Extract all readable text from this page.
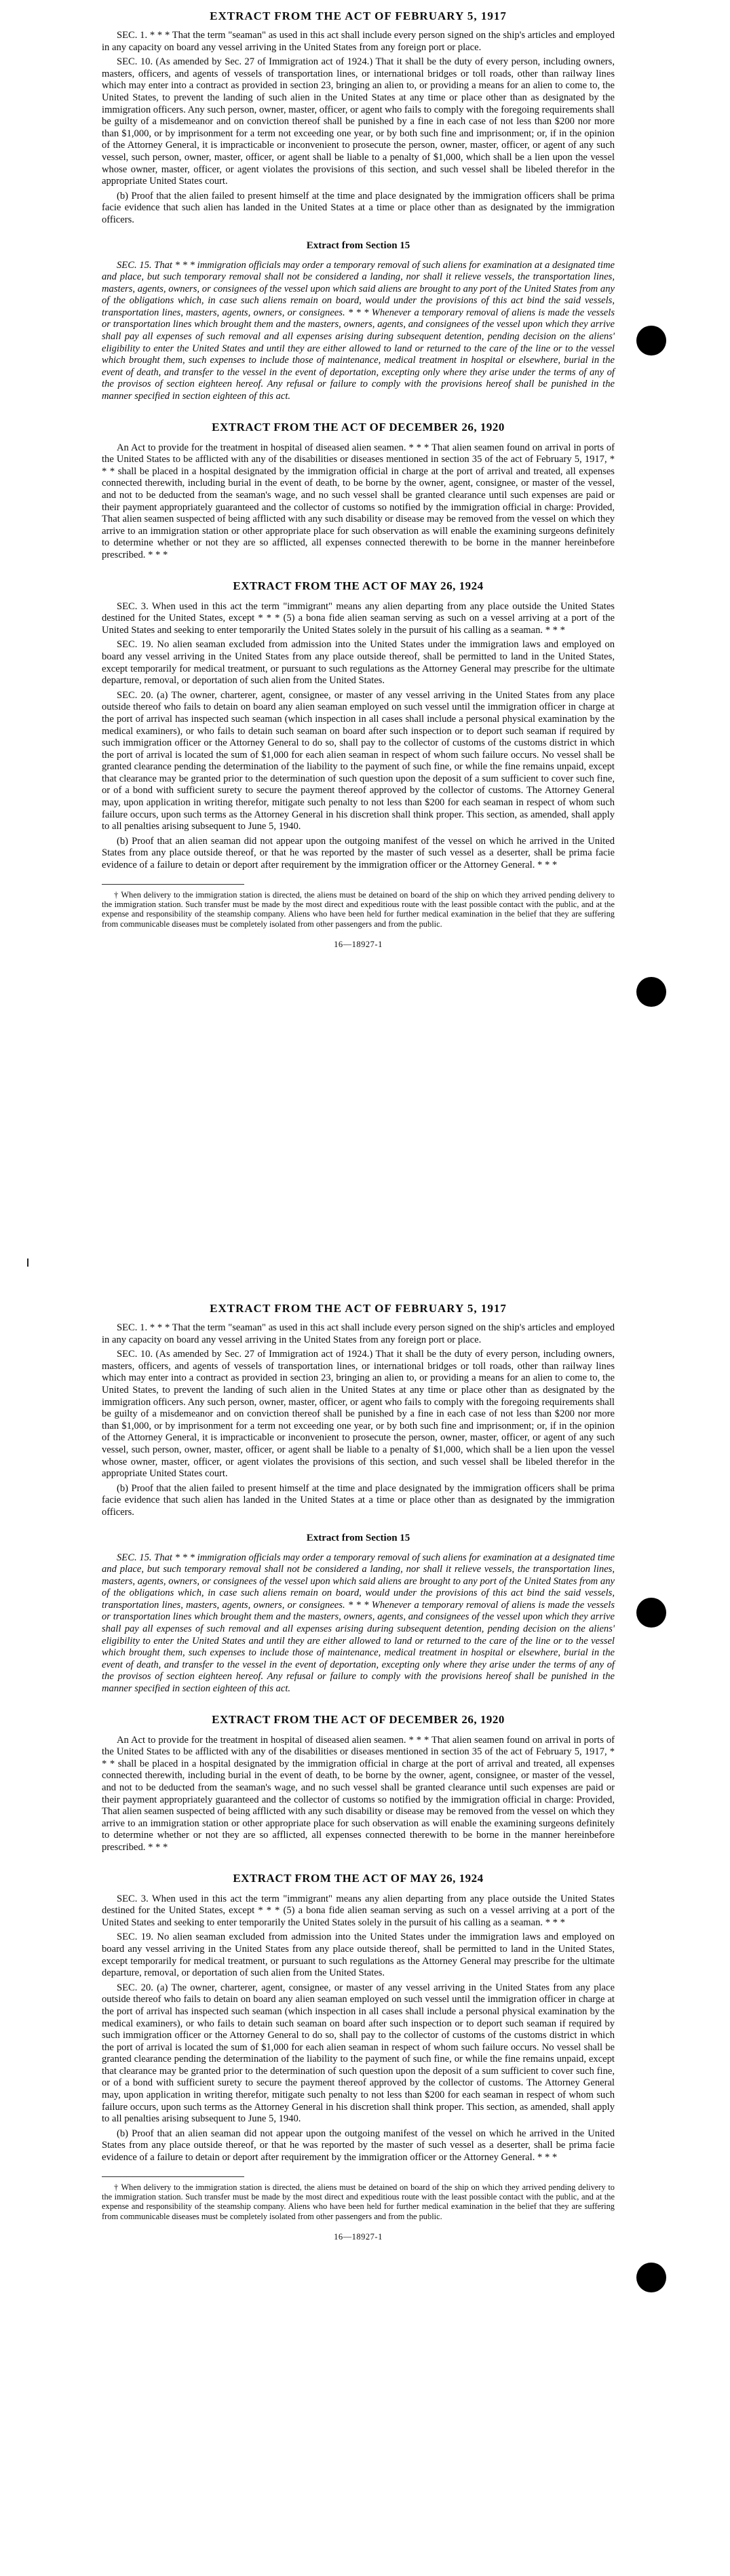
EXTRACT FROM THE ACT OF FEBRUARY 5, 1917

SEC. 1. * * * That the term "seaman" as used in this act shall include every person signed on the ship's articles and employed in any capacity on board any vessel arriving in the United States from any foreign port or place.

SEC. 10. (As amended by Sec. 27 of Immigration act of 1924.) That it shall be the duty of every person, including owners, masters, officers, and agents of vessels of transportation lines, or international bridges or toll roads, other than railway lines which may enter into a contract as provided in section 23, bringing an alien to, or providing a means for an alien to come to, the United States, to prevent the landing of such alien in the United States at any time or place other than as designated by the immigration officers. Any such person, owner, master, officer, or agent who fails to comply with the foregoing requirements shall be guilty of a misdemeanor and on conviction thereof shall be punished by a fine in each case of not less than $200 nor more than $1,000, or by imprisonment for a term not exceeding one year, or by both such fine and imprisonment; or, if in the opinion of the Attorney General, it is impracticable or inconvenient to prosecute the person, owner, master, officer, or agent of any such vessel, such person, owner, master, officer, or agent shall be liable to a penalty of $1,000, which shall be a lien upon the vessel whose owner, master, officer, or agent violates the provisions of this section, and such vessel shall be libeled therefor in the appropriate United States court.

(b) Proof that the alien failed to present himself at the time and place designated by the immigration officers shall be prima facie evidence that such alien has landed in the United States at a time or place other than as designated by the immigration officers.

Extract from Section 15

SEC. 15. That * * * immigration officials may order a temporary removal of such aliens for examination at a designated time and place, but such temporary removal shall not be considered a landing, nor shall it relieve vessels, the transportation lines, masters, agents, owners, or consignees of the vessel upon which said aliens are brought to any port of the United States from any of the obligations which, in case such aliens remain on board, would under the provisions of this act bind the said vessels, transportation lines, masters, agents, owners, or consignees. * * * Whenever a temporary removal of aliens is made the vessels or transportation lines which brought them and the masters, owners, agents, and consignees of the vessel upon which they arrive shall pay all expenses of such removal and all expenses arising during subsequent detention, pending decision on the aliens' eligibility to enter the United States and until they are either allowed to land or returned to the care of the line or to the vessel which brought them, such expenses to include those of maintenance, medical treatment in hospital or elsewhere, burial in the event of death, and transfer to the vessel in the event of deportation, excepting only where they arise under the terms of any of the provisos of section eighteen hereof. Any refusal or failure to comply with the provisions hereof shall be punished in the manner specified in section eighteen of this act.

EXTRACT FROM THE ACT OF DECEMBER 26, 1920

An Act to provide for the treatment in hospital of diseased alien seamen. * * * That alien seamen found on arrival in ports of the United States to be afflicted with any of the disabilities or diseases mentioned in section 35 of the act of February 5, 1917, * * * shall be placed in a hospital designated by the immigration official in charge at the port of arrival and treated, all expenses connected therewith, including burial in the event of death, to be borne by the owner, agent, consignee, or master of the vessel, and not to be deducted from the seaman's wage, and no such vessel shall be granted clearance until such expenses are paid or their payment appropriately guaranteed and the collector of customs so notified by the immigration official in charge: Provided, That alien seamen suspected of being afflicted with any such disability or disease may be removed from the vessel on which they arrive to an immigration station or other appropriate place for such observation as will enable the examining surgeons definitely to determine whether or not they are so afflicted, all expenses connected therewith to be borne in the manner hereinbefore prescribed. * * *

EXTRACT FROM THE ACT OF MAY 26, 1924

SEC. 3. When used in this act the term "immigrant" means any alien departing from any place outside the United States destined for the United States, except * * * (5) a bona fide alien seaman serving as such on a vessel arriving at a port of the United States and seeking to enter temporarily the United States solely in the pursuit of his calling as a seaman. * * *

SEC. 19. No alien seaman excluded from admission into the United States under the immigration laws and employed on board any vessel arriving in the United States from any place outside thereof, shall be permitted to land in the United States, except temporarily for medical treatment, or pursuant to such regulations as the Attorney General may prescribe for the ultimate departure, removal, or deportation of such alien from the United States.

SEC. 20. (a) The owner, charterer, agent, consignee, or master of any vessel arriving in the United States from any place outside thereof who fails to detain on board any alien seaman employed on such vessel until the immigration officer in charge at the port of arrival has inspected such seaman (which inspection in all cases shall include a personal physical examination by the medical examiners), or who fails to detain such seaman on board after such inspection or to deport such seaman if required by such immigration officer or the Attorney General to do so, shall pay to the collector of customs of the customs district in which the port of arrival is located the sum of $1,000 for each alien seaman in respect of whom such failure occurs. No vessel shall be granted clearance pending the determination of the liability to the payment of such fine, or while the fine remains unpaid, except that clearance may be granted prior to the determination of such question upon the deposit of a sum sufficient to cover such fine, or of a bond with sufficient surety to secure the payment thereof approved by the collector of customs. The Attorney General may, upon application in writing therefor, mitigate such penalty to not less than $200 for each seaman in respect of whom such failure occurs, upon such terms as the Attorney General in his discretion shall think proper. This section, as amended, shall apply to all penalties arising subsequent to June 5, 1940.

(b) Proof that an alien seaman did not appear upon the outgoing manifest of the vessel on which he arrived in the United States from any place outside thereof, or that he was reported by the master of such vessel as a deserter, shall be prima facie evidence of a failure to detain or deport after requirement by the immigration officer or the Attorney General. * * *

† When delivery to the immigration station is directed, the aliens must be detained on board of the ship on which they arrived pending delivery to the immigration station. Such transfer must be made by the most direct and expeditious route with the least possible contact with the public, and at the expense and responsibility of the steamship company. Aliens who have been held for further medical examination in the belief that they are suffering from communicable diseases must be completely isolated from other passengers and from the public.

16—18927-1
EXTRACT FROM THE ACT OF FEBRUARY 5, 1917

SEC. 1. * * * That the term "seaman" as used in this act shall include every person signed on the ship's articles and employed in any capacity on board any vessel arriving in the United States from any foreign port or place.

SEC. 10. (As amended by Sec. 27 of Immigration act of 1924.) That it shall be the duty of every person, including owners, masters, officers, and agents of vessels of transportation lines, or international bridges or toll roads, other than railway lines which may enter into a contract as provided in section 23, bringing an alien to, or providing a means for an alien to come to, the United States, to prevent the landing of such alien in the United States at any time or place other than as designated by the immigration officers. Any such person, owner, master, officer, or agent who fails to comply with the foregoing requirements shall be guilty of a misdemeanor and on conviction thereof shall be punished by a fine in each case of not less than $200 nor more than $1,000, or by imprisonment for a term not exceeding one year, or by both such fine and imprisonment; or, if in the opinion of the Attorney General, it is impracticable or inconvenient to prosecute the person, owner, master, officer, or agent of any such vessel, such person, owner, master, officer, or agent shall be liable to a penalty of $1,000, which shall be a lien upon the vessel whose owner, master, officer, or agent violates the provisions of this section, and such vessel shall be libeled therefor in the appropriate United States court.

(b) Proof that the alien failed to present himself at the time and place designated by the immigration officers shall be prima facie evidence that such alien has landed in the United States at a time or place other than as designated by the immigration officers.

Extract from Section 15

SEC. 15. That * * * immigration officials may order a temporary removal of such aliens for examination at a designated time and place, but such temporary removal shall not be considered a landing, nor shall it relieve vessels, the transportation lines, masters, agents, owners, or consignees of the vessel upon which said aliens are brought to any port of the United States from any of the obligations which, in case such aliens remain on board, would under the provisions of this act bind the said vessels, transportation lines, masters, agents, owners, or consignees. * * * Whenever a temporary removal of aliens is made the vessels or transportation lines which brought them and the masters, owners, agents, and consignees of the vessel upon which they arrive shall pay all expenses of such removal and all expenses arising during subsequent detention, pending decision on the aliens' eligibility to enter the United States and until they are either allowed to land or returned to the care of the line or to the vessel which brought them, such expenses to include those of maintenance, medical treatment in hospital or elsewhere, burial in the event of death, and transfer to the vessel in the event of deportation, excepting only where they arise under the terms of any of the provisos of section eighteen hereof. Any refusal or failure to comply with the provisions hereof shall be punished in the manner specified in section eighteen of this act.

EXTRACT FROM THE ACT OF DECEMBER 26, 1920

An Act to provide for the treatment in hospital of diseased alien seamen. * * * That alien seamen found on arrival in ports of the United States to be afflicted with any of the disabilities or diseases mentioned in section 35 of the act of February 5, 1917, * * * shall be placed in a hospital designated by the immigration official in charge at the port of arrival and treated, all expenses connected therewith, including burial in the event of death, to be borne by the owner, agent, consignee, or master of the vessel, and not to be deducted from the seaman's wage, and no such vessel shall be granted clearance until such expenses are paid or their payment appropriately guaranteed and the collector of customs so notified by the immigration official in charge: Provided, That alien seamen suspected of being afflicted with any such disability or disease may be removed from the vessel on which they arrive to an immigration station or other appropriate place for such observation as will enable the examining surgeons definitely to determine whether or not they are so afflicted, all expenses connected therewith to be borne in the manner hereinbefore prescribed. * * *

EXTRACT FROM THE ACT OF MAY 26, 1924

SEC. 3. When used in this act the term "immigrant" means any alien departing from any place outside the United States destined for the United States, except * * * (5) a bona fide alien seaman serving as such on a vessel arriving at a port of the United States and seeking to enter temporarily the United States solely in the pursuit of his calling as a seaman. * * *

SEC. 19. No alien seaman excluded from admission into the United States under the immigration laws and employed on board any vessel arriving in the United States from any place outside thereof, shall be permitted to land in the United States, except temporarily for medical treatment, or pursuant to such regulations as the Attorney General may prescribe for the ultimate departure, removal, or deportation of such alien from the United States.

SEC. 20. (a) The owner, charterer, agent, consignee, or master of any vessel arriving in the United States from any place outside thereof who fails to detain on board any alien seaman employed on such vessel until the immigration officer in charge at the port of arrival has inspected such seaman (which inspection in all cases shall include a personal physical examination by the medical examiners), or who fails to detain such seaman on board after such inspection or to deport such seaman if required by such immigration officer or the Attorney General to do so, shall pay to the collector of customs of the customs district in which the port of arrival is located the sum of $1,000 for each alien seaman in respect of whom such failure occurs. No vessel shall be granted clearance pending the determination of the liability to the payment of such fine, or while the fine remains unpaid, except that clearance may be granted prior to the determination of such question upon the deposit of a sum sufficient to cover such fine, or of a bond with sufficient surety to secure the payment thereof approved by the collector of customs. The Attorney General may, upon application in writing therefor, mitigate such penalty to not less than $200 for each seaman in respect of whom such failure occurs, upon such terms as the Attorney General in his discretion shall think proper. This section, as amended, shall apply to all penalties arising subsequent to June 5, 1940.

(b) Proof that an alien seaman did not appear upon the outgoing manifest of the vessel on which he arrived in the United States from any place outside thereof, or that he was reported by the master of such vessel as a deserter, shall be prima facie evidence of a failure to detain or deport after requirement by the immigration officer or the Attorney General. * * *

† When delivery to the immigration station is directed, the aliens must be detained on board of the ship on which they arrived pending delivery to the immigration station. Such transfer must be made by the most direct and expeditious route with the least possible contact with the public, and at the expense and responsibility of the steamship company. Aliens who have been held for further medical examination in the belief that they are suffering from communicable diseases must be completely isolated from other passengers and from the public.

16—18927-1
